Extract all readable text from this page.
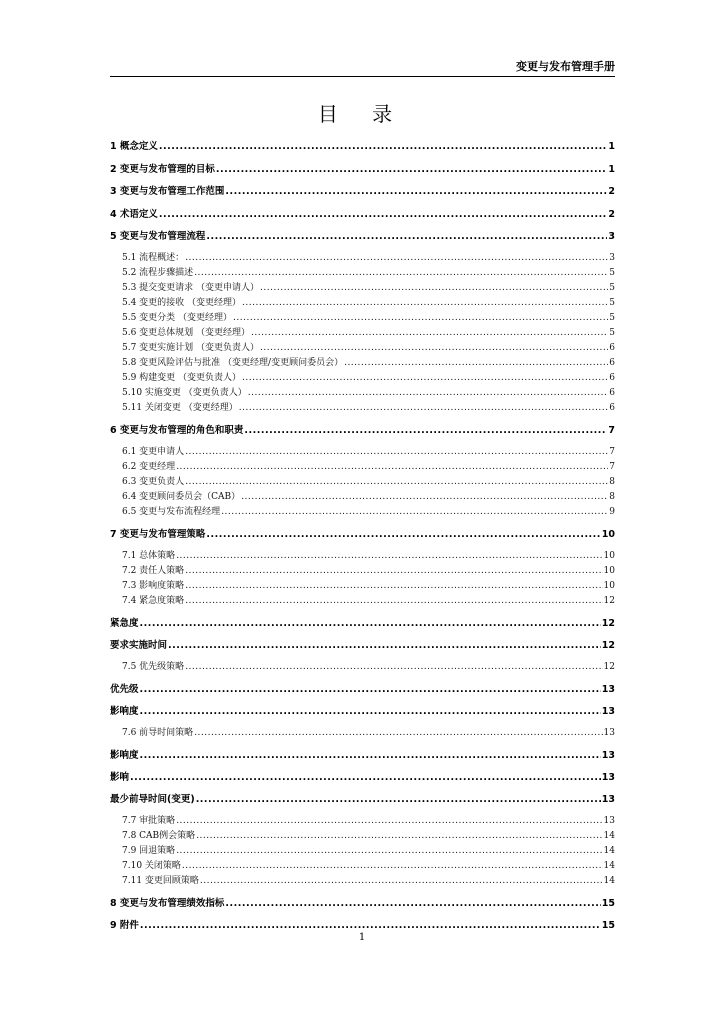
变更与发布管理手册
目 录
1 概念定义 .....	1
2 变更与发布管理的目标 .....	1
3 变更与发布管理工作范围 .....	2
4 术语定义 .....	2
5 变更与发布管理流程 .....	3
5.1 流程概述： .....	3
5.2 流程步骤描述 .....	5
5.3 提交变更请求 （变更申请人） .....	5
5.4 变更的接收 （变更经理） .....	5
5.5 变更分类 （变更经理） .....	5
5.6 变更总体规划 （变更经理） .....	5
5.7 变更实施计划 （变更负责人） .....	6
5.8 变更风险评估与批准 （变更经理/变更顾问委员会） .....	6
5.9 构建变更 （变更负责人） .....	6
5.10 实施变更 （变更负责人） .....	6
5.11 关闭变更 （变更经理） .....	6
6 变更与发布管理的角色和职责 .....	7
6.1 变更申请人 .....	7
6.2 变更经理 .....	7
6.3 变更负责人 .....	8
6.4 变更顾问委员会（CAB） .....	8
6.5 变更与发布流程经理 .....	9
7 变更与发布管理策略 .....	10
7.1 总体策略 .....	10
7.2 责任人策略 .....	10
7.3 影响度策略 .....	10
7.4 紧急度策略 .....	12
紧急度 .....	12
要求实施时间 .....	12
7.5 优先级策略 .....	12
优先级 .....	13
影响度 .....	13
7.6 前导时间策略 .....	13
影响度 .....	13
影响 .....	13
最少前导时间(变更) .....	13
7.7 审批策略 .....	13
7.8 CAB例会策略 .....	14
7.9 回退策略 .....	14
7.10 关闭策略 .....	14
7.11 变更回顾策略 .....	14
8 变更与发布管理绩效指标 .....	15
9 附件 .....	15
1
